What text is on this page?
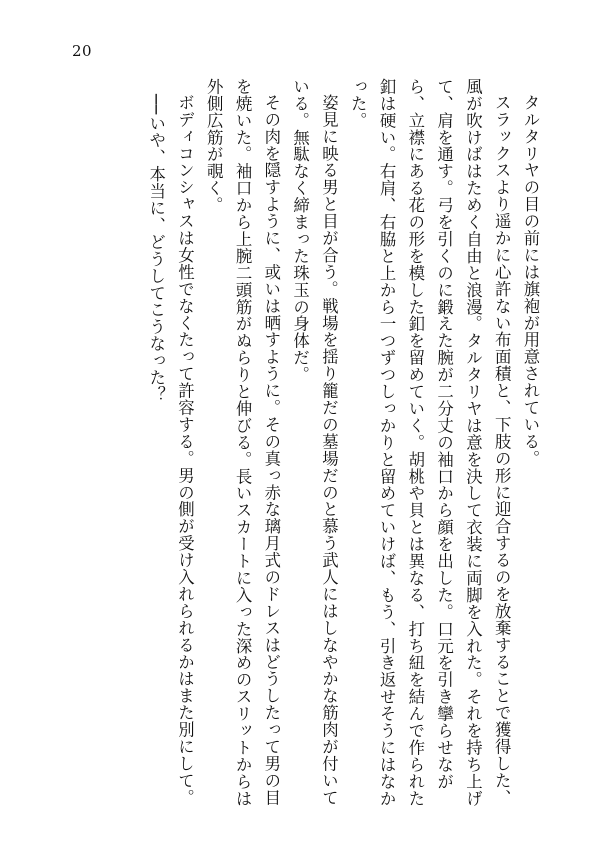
20

タルタリヤの目の前には旗袍が用意されている。

スラックスより遥かに心許ない布面積と、下肢の形に迎合するのを放棄することで獲得した、風が吹けばはためく自由と浪漫。タルタリヤは意を決して衣装に両脚を入れた。それを持ち上げて、肩を通す。弓を引くのに鍛えた腕が二分丈の袖口から顔を出した。口元を引き攣らせながら、立襟にある花の形を模した釦を留めていく。胡桃や貝とは異なる、打ち紐を結んで作られた釦は硬い。右肩、右脇と上から一つずつしっかりと留めていけば、もう、引き返せそうにはなかった。

姿見に映る男と目が合う。戦場を揺り籠だの墓場だのと慕う武人にはしなやかな筋肉が付いている。無駄なく締まった珠玉の身体だ。

その肉を隠すように、或いは晒すように。その真っ赤な璃月式のドレスはどうしたって男の目を焼いた。袖口から上腕二頭筋がぬらりと伸びる。長いスカートに入った深めのスリットからは外側広筋が覗く。

ボディコンシャスは女性でなくたって許容する。男の側が受け入れられるかはまた別にして。

──いや、本当に、どうしてこうなった？
